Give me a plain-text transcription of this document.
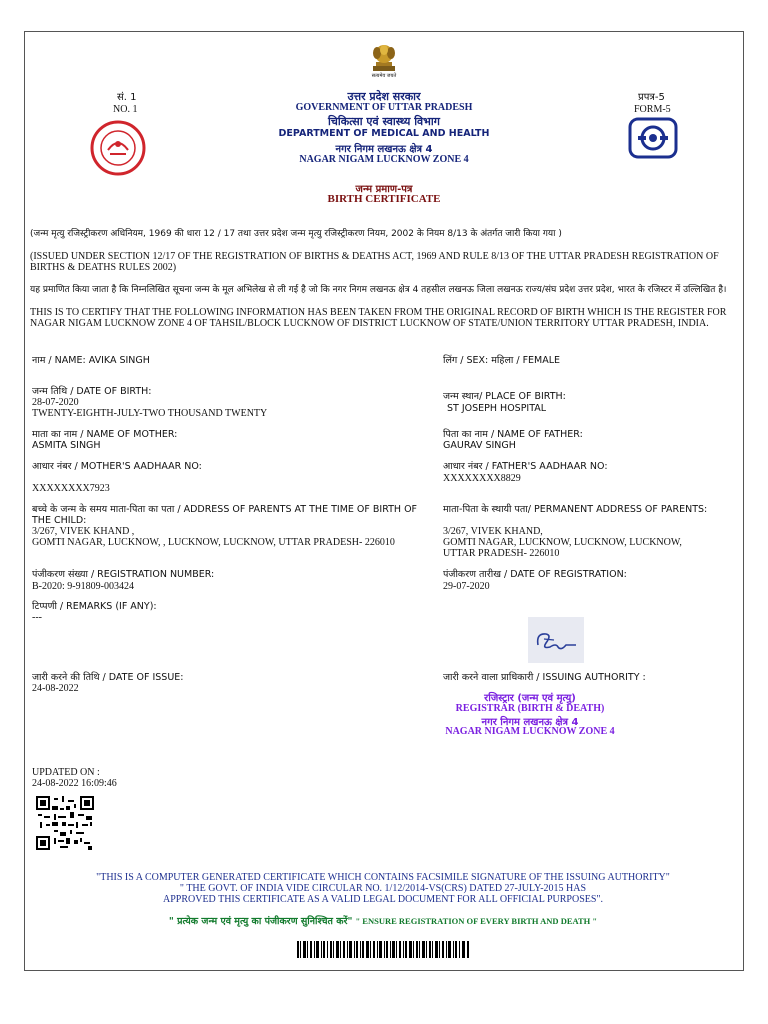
सत्यमेव जयते
सं. 1
NO. 1
प्रपत्र-5
FORM-5
उत्तर प्रदेश सरकार
GOVERNMENT OF UTTAR PRADESH
चिकित्सा एवं स्वास्थ्य विभाग
DEPARTMENT OF MEDICAL AND HEALTH
नगर निगम लखनऊ क्षेत्र 4
NAGAR NIGAM LUCKNOW ZONE 4
जन्म प्रमाण-पत्र
BIRTH CERTIFICATE
(जन्म मृत्यु रजिस्ट्रीकरण अधिनियम, 1969 की धारा 12 / 17 तथा उत्तर प्रदेश जन्म मृत्यु रजिस्ट्रीकरण नियम, 2002 के नियम 8/13 के अंतर्गत जारी किया गया )
(ISSUED UNDER SECTION 12/17 OF THE REGISTRATION OF BIRTHS & DEATHS ACT, 1969 AND RULE 8/13 OF THE UTTAR PRADESH REGISTRATION OF BIRTHS & DEATHS RULES 2002)
यह प्रमाणित किया जाता है कि निम्नलिखित सूचना जन्म के मूल अभिलेख से ली गई है जो कि नगर निगम लखनऊ क्षेत्र 4 तहसील लखनऊ जिला लखनऊ राज्य/संघ प्रदेश उत्तर प्रदेश, भारत के रजिस्टर में उल्लिखित है।
THIS IS TO CERTIFY THAT THE FOLLOWING INFORMATION HAS BEEN TAKEN FROM THE ORIGINAL RECORD OF BIRTH WHICH IS THE REGISTER FOR NAGAR NIGAM LUCKNOW ZONE 4 OF TAHSIL/BLOCK LUCKNOW OF DISTRICT LUCKNOW OF STATE/UNION TERRITORY UTTAR PRADESH, INDIA.
नाम / NAME: AVIKA SINGH	लिंग / SEX: महिला / FEMALE
जन्म तिथि / DATE OF BIRTH:
28-07-2020
TWENTY-EIGHTH-JULY-TWO THOUSAND TWENTY
जन्म स्थान/ PLACE OF BIRTH:
ST JOSEPH HOSPITAL
माता का नाम / NAME OF MOTHER:
ASMITA SINGH
पिता का नाम / NAME OF FATHER:
GAURAV SINGH
आधार नंबर / MOTHER'S AADHAAR NO:
XXXXXXXX7923
आधार नंबर / FATHER'S AADHAAR NO:
XXXXXXXX8829
बच्चे के जन्म के समय माता-पिता का पता / ADDRESS OF PARENTS AT THE TIME OF BIRTH OF THE CHILD:
3/267, VIVEK KHAND ,
GOMTI NAGAR, LUCKNOW, , LUCKNOW, LUCKNOW, UTTAR PRADESH- 226010
माता-पिता के स्थायी पता/ PERMANENT ADDRESS OF PARENTS:
3/267, VIVEK KHAND,
GOMTI NAGAR, LUCKNOW, LUCKNOW, LUCKNOW,
UTTAR PRADESH- 226010
पंजीकरण संख्या / REGISTRATION NUMBER:
B-2020: 9-91809-003424
पंजीकरण तारीख / DATE OF REGISTRATION:
29-07-2020
टिप्पणी / REMARKS (IF ANY):
---
जारी करने की तिथि / DATE OF ISSUE:
24-08-2022
जारी करने वाला प्राधिकारी / ISSUING AUTHORITY :
रजिस्ट्रार (जन्म एवं मृत्यु)
REGISTRAR (BIRTH & DEATH)
नगर निगम लखनऊ क्षेत्र 4
NAGAR NIGAM LUCKNOW ZONE 4
UPDATED ON :
24-08-2022 16:09:46
"THIS IS A COMPUTER GENERATED CERTIFICATE WHICH CONTAINS FACSIMILE SIGNATURE OF THE ISSUING AUTHORITY"
" THE GOVT. OF INDIA VIDE CIRCULAR NO. 1/12/2014-VS(CRS) DATED 27-JULY-2015 HAS
APPROVED THIS CERTIFICATE AS A VALID LEGAL DOCUMENT FOR ALL OFFICIAL PURPOSES".
" प्रत्येक जन्म एवं मृत्यु का पंजीकरण सुनिश्चित करें" " ENSURE REGISTRATION OF EVERY BIRTH AND DEATH "
